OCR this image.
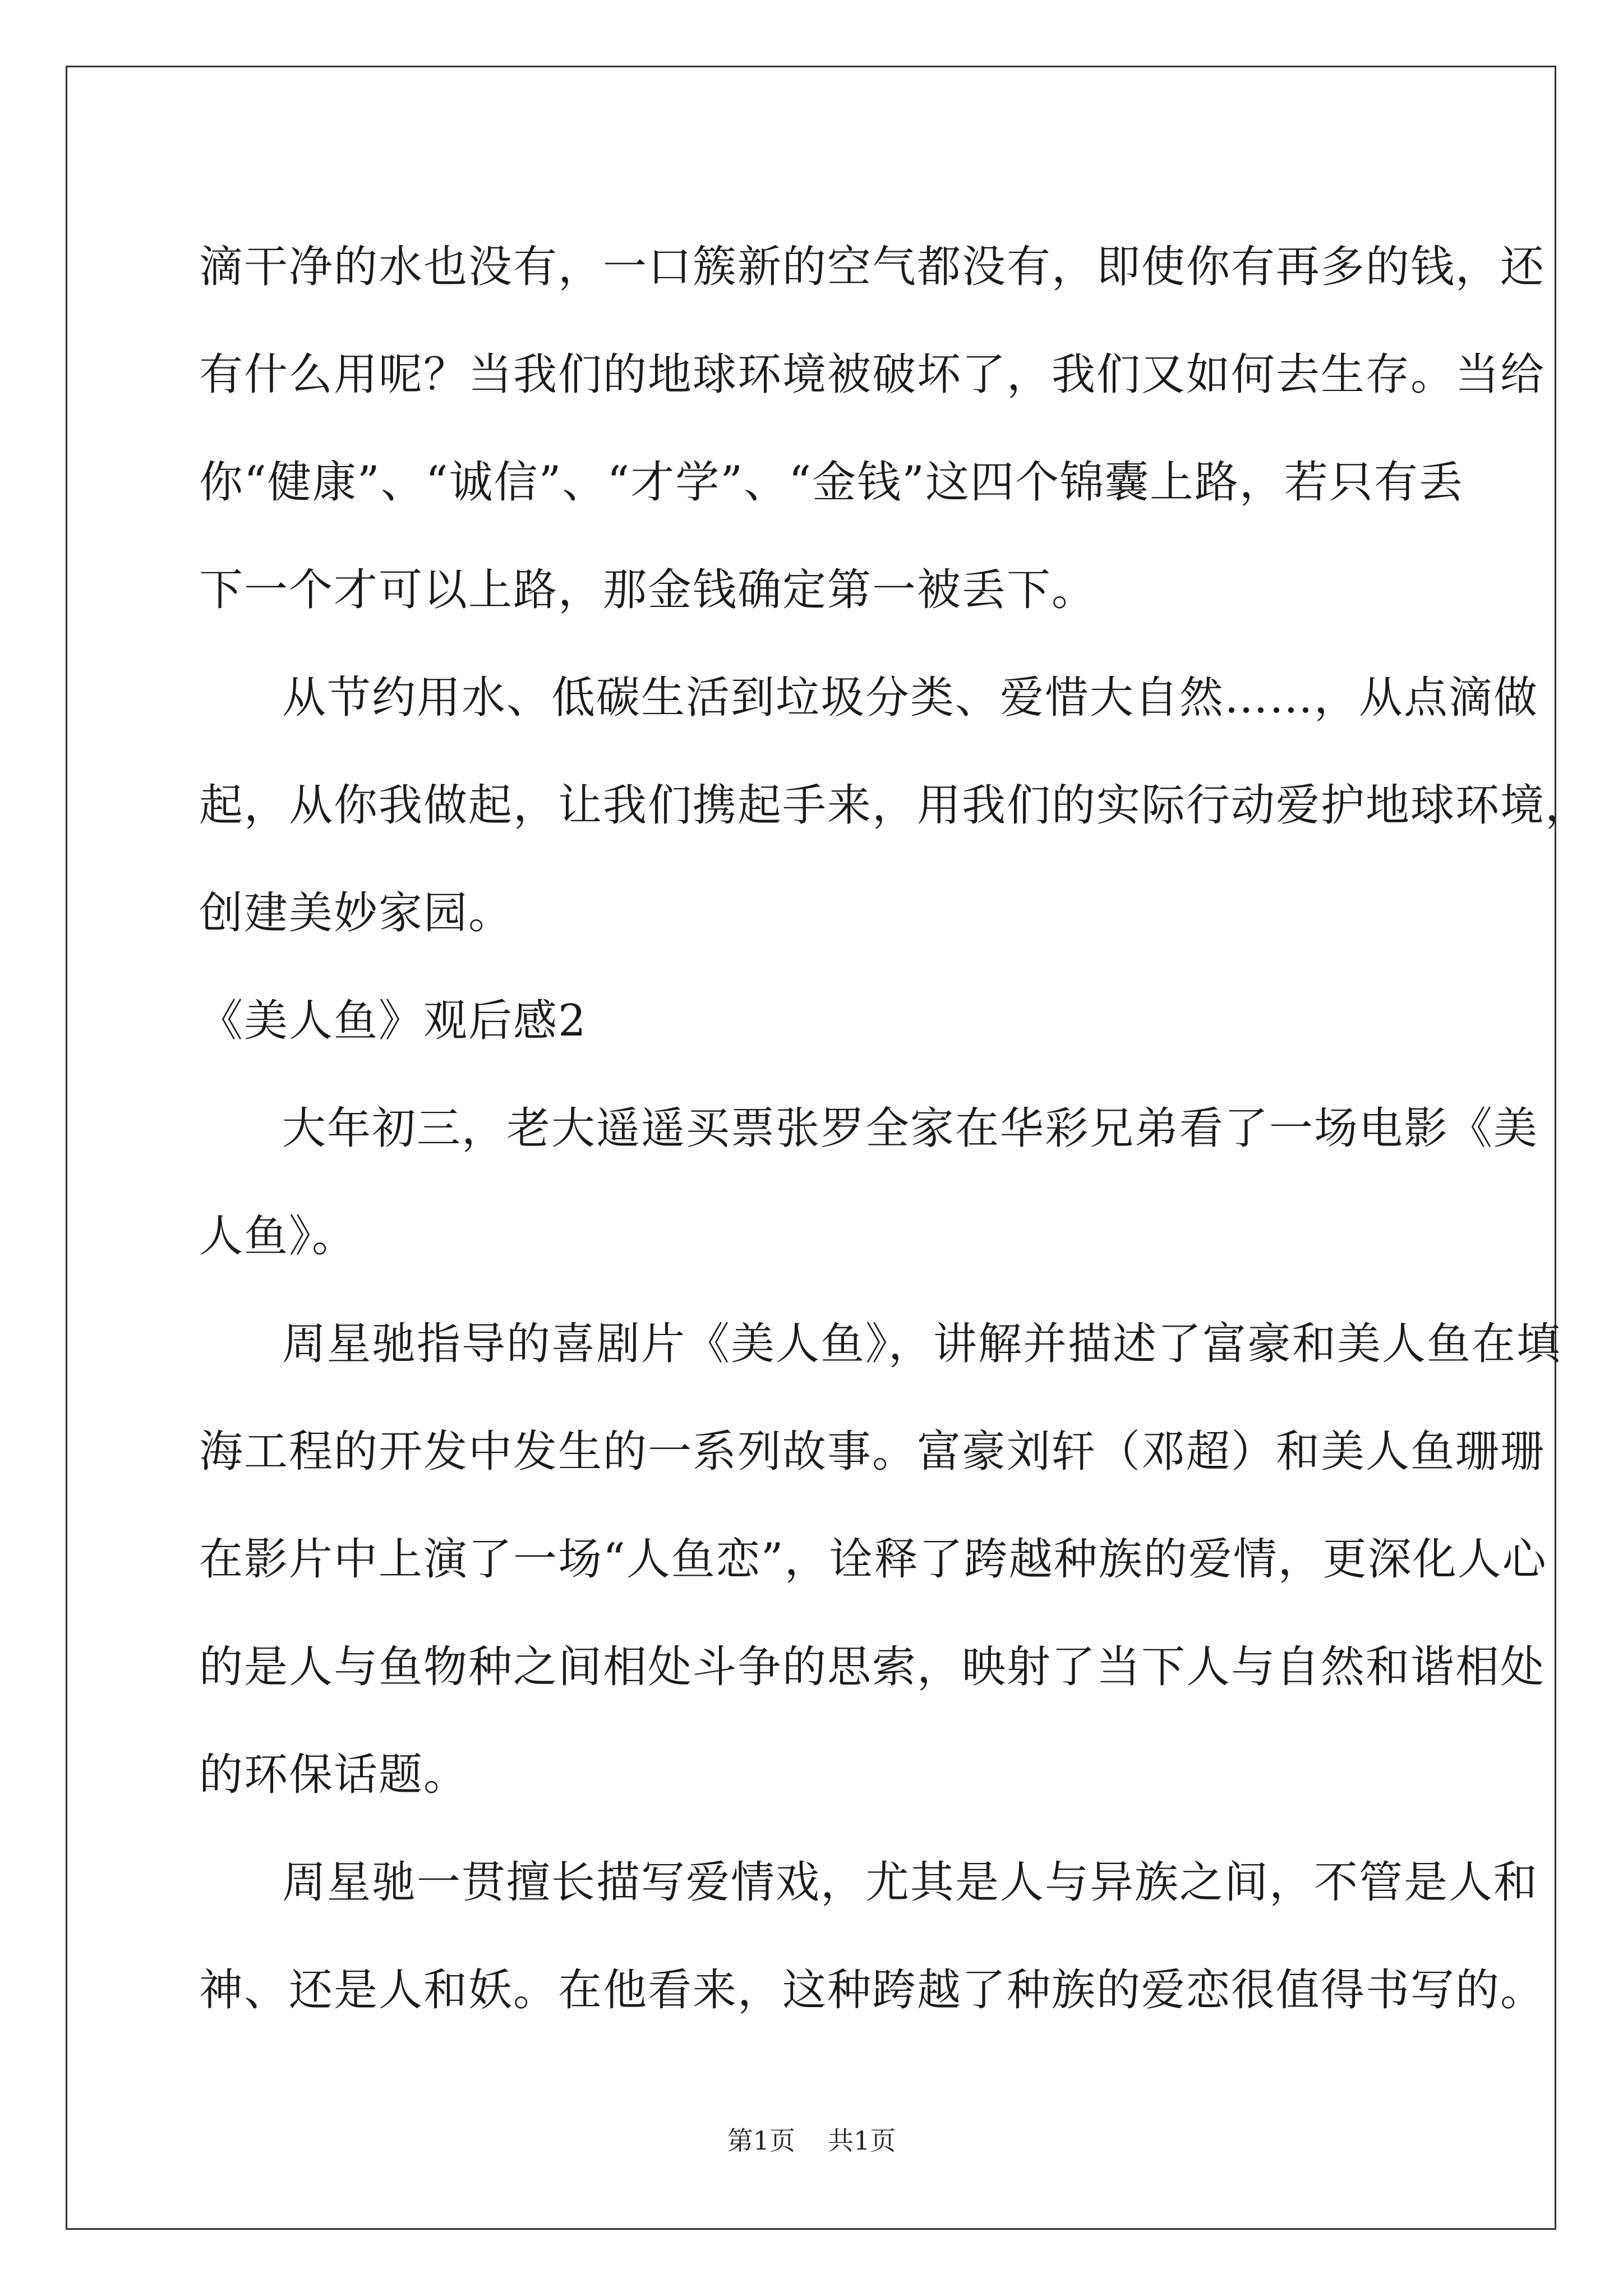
滴干净的水也没有，一口簇新的空气都没有，即使你有再多的钱，还
有什么用呢？当我们的地球环境被破坏了，我们又如何去生存。当给
你“健康”、“诚信”、“才学”、“金钱”这四个锦囊上路，若只有丢
下一个才可以上路，那金钱确定第一被丢下。
从节约用水、低碳生活到垃圾分类、爱惜大自然……，从点滴做
起，从你我做起，让我们携起手来，用我们的实际行动爱护地球环境，
创建美妙家园。
《美人鱼》观后感2
大年初三，老大遥遥买票张罗全家在华彩兄弟看了一场电影《美
人鱼》。
周星驰指导的喜剧片《美人鱼》，讲解并描述了富豪和美人鱼在填
海工程的开发中发生的一系列故事。富豪刘轩（邓超）和美人鱼珊珊
在影片中上演了一场“人鱼恋”，诠释了跨越种族的爱情，更深化人心
的是人与鱼物种之间相处斗争的思索，映射了当下人与自然和谐相处
的环保话题。
周星驰一贯擅长描写爱情戏，尤其是人与异族之间，不管是人和
神、还是人和妖。在他看来，这种跨越了种族的爱恋很值得书写的。
第1页 共1页
